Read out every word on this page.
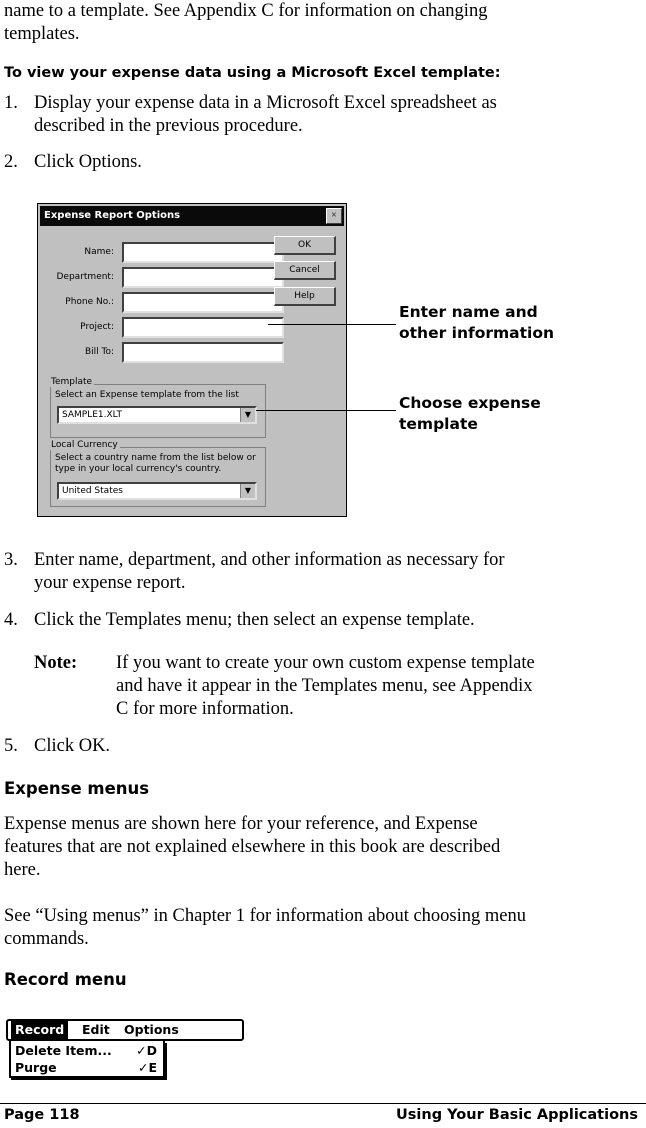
name to a template. See Appendix C for information on changing
templates.
To view your expense data using a Microsoft Excel template:
1. Display your expense data in a Microsoft Excel spreadsheet as
described in the previous procedure.
2. Click Options.
Expense Report Options	×
Name:
Department:
Phone No.:
Project:
Bill To:
OK
Cancel
Help
Template
Select an Expense template from the list
SAMPLE1.XLT	▼
Local Currency
Select a country name from the list below or
type in your local currency's country.
United States	▼
Enter name and
other information
Choose expense
template
3. Enter name, department, and other information as necessary for
your expense report.
4. Click the Templates menu; then select an expense template.
Note: If you want to create your own custom expense template
and have it appear in the Templates menu, see Appendix
C for more information.
5. Click OK.
Expense menus
Expense menus are shown here for your reference, and Expense
features that are not explained elsewhere in this book are described
here.
See “Using menus” in Chapter 1 for information about choosing menu
commands.
Record menu
Record	Edit	Options
Delete Item... ✓D
Purge	✓E
Page 118	Using Your Basic Applications
